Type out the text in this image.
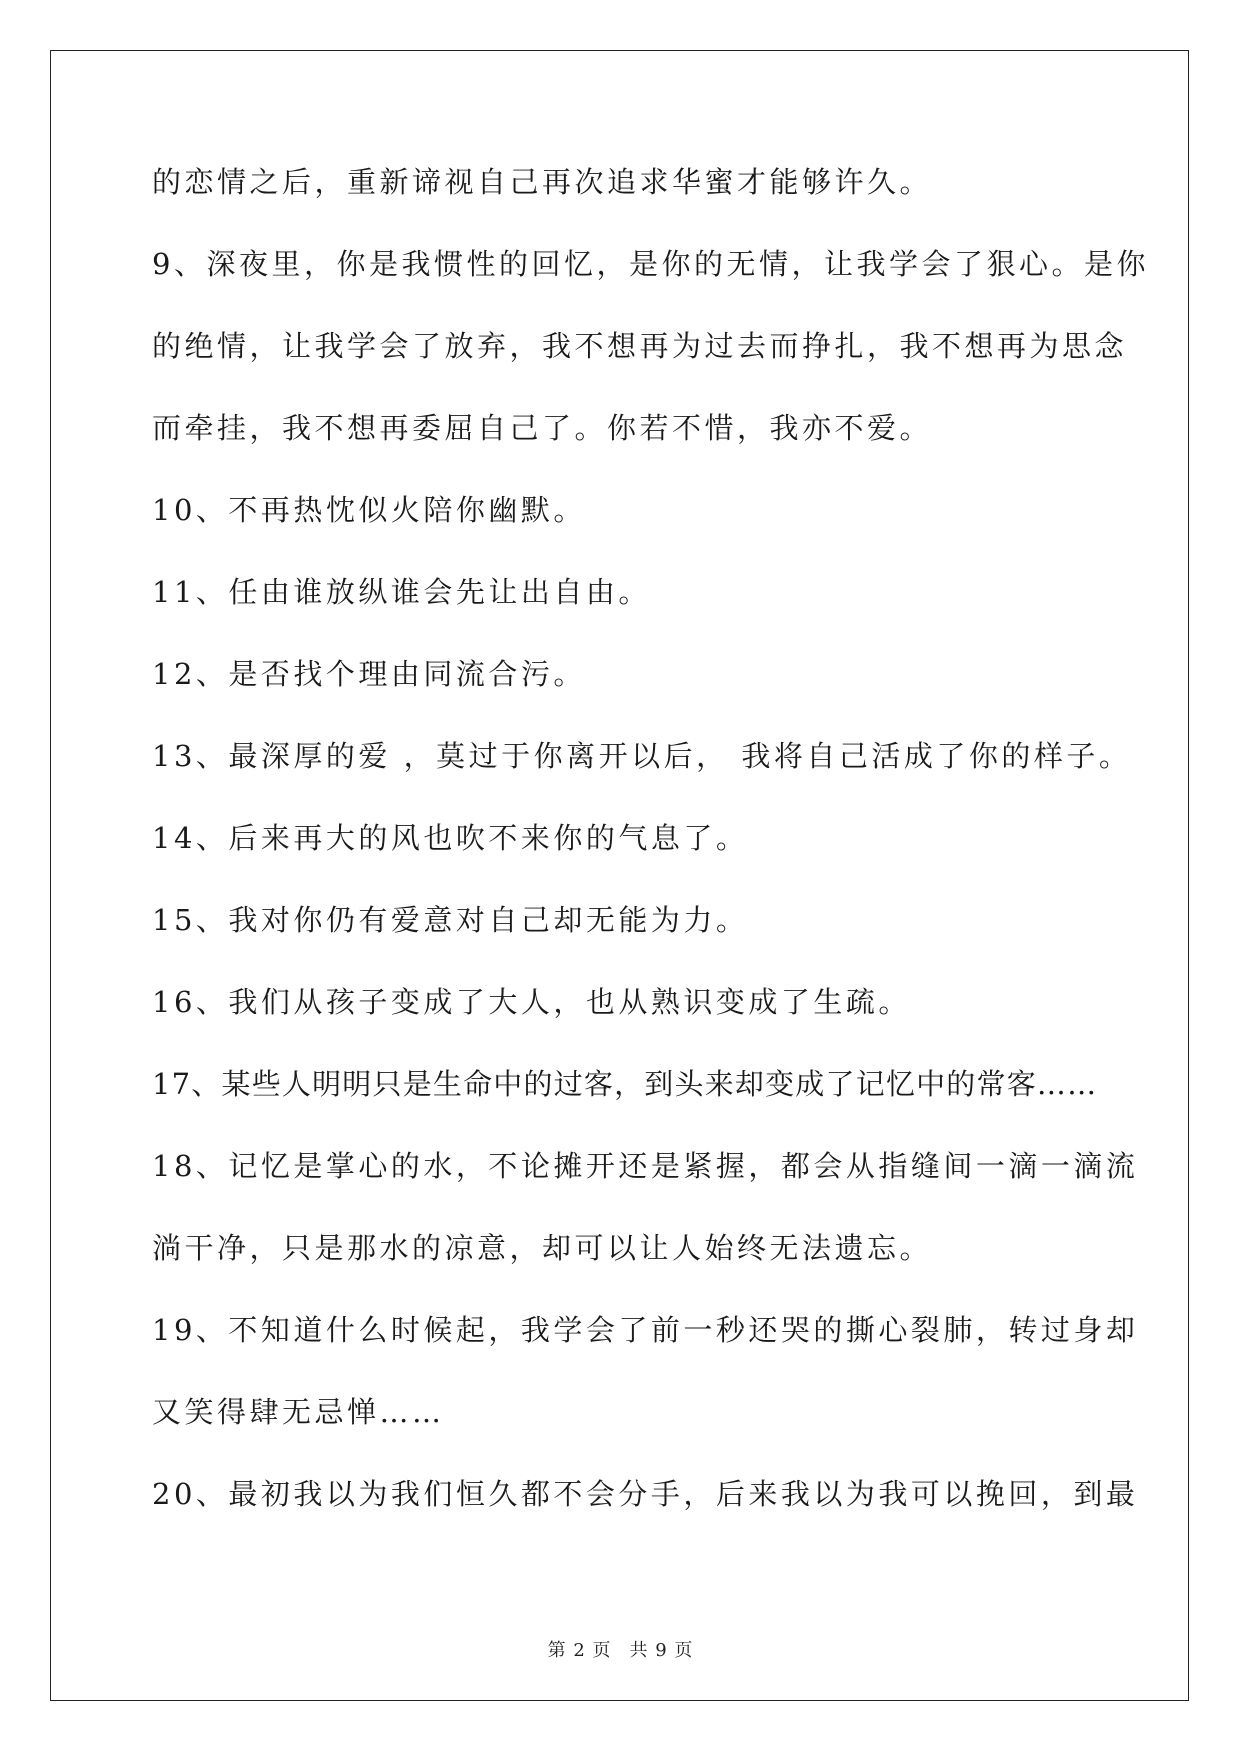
的恋情之后，重新谛视自己再次追求华蜜才能够许久。
9、深夜里，你是我惯性的回忆，是你的无情，让我学会了狠心。是你
的绝情，让我学会了放弃，我不想再为过去而挣扎，我不想再为思念
而牵挂，我不想再委屈自己了。你若不惜，我亦不爱。
10、不再热忱似火陪你幽默。
11、任由谁放纵谁会先让出自由。
12、是否找个理由同流合污。
13、最深厚的爱 ，莫过于你离开以后， 我将自己活成了你的样子。
14、后来再大的风也吹不来你的气息了。
15、我对你仍有爱意对自己却无能为力。
16、我们从孩子变成了大人，也从熟识变成了生疏。
17、某些人明明只是生命中的过客，到头来却变成了记忆中的常客……
18、记忆是掌心的水，不论摊开还是紧握，都会从指缝间一滴一滴流
淌干净，只是那水的凉意，却可以让人始终无法遗忘。
19、不知道什么时候起，我学会了前一秒还哭的撕心裂肺，转过身却
又笑得肆无忌惮……
20、最初我以为我们恒久都不会分手，后来我以为我可以挽回，到最
第 2 页 共 9 页
